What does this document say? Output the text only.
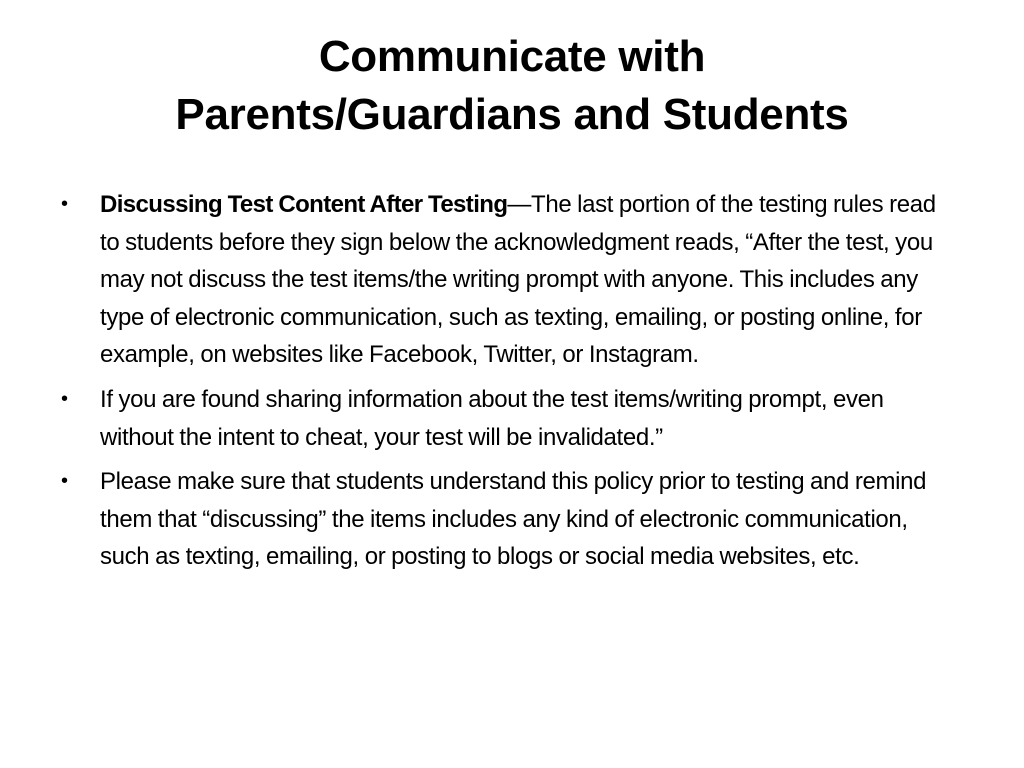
Communicate with
Parents/Guardians and Students
• Discussing Test Content After Testing—The last portion of the testing rules read to students before they sign below the acknowledgment reads, “After the test, you may not discuss the test items/the writing prompt with anyone. This includes any type of electronic communication, such as texting, emailing, or posting online, for example, on websites like Facebook, Twitter, or Instagram.
• If you are found sharing information about the test items/writing prompt, even without the intent to cheat, your test will be invalidated.”
• Please make sure that students understand this policy prior to testing and remind them that “discussing” the items includes any kind of electronic communication, such as texting, emailing, or posting to blogs or social media websites, etc.
